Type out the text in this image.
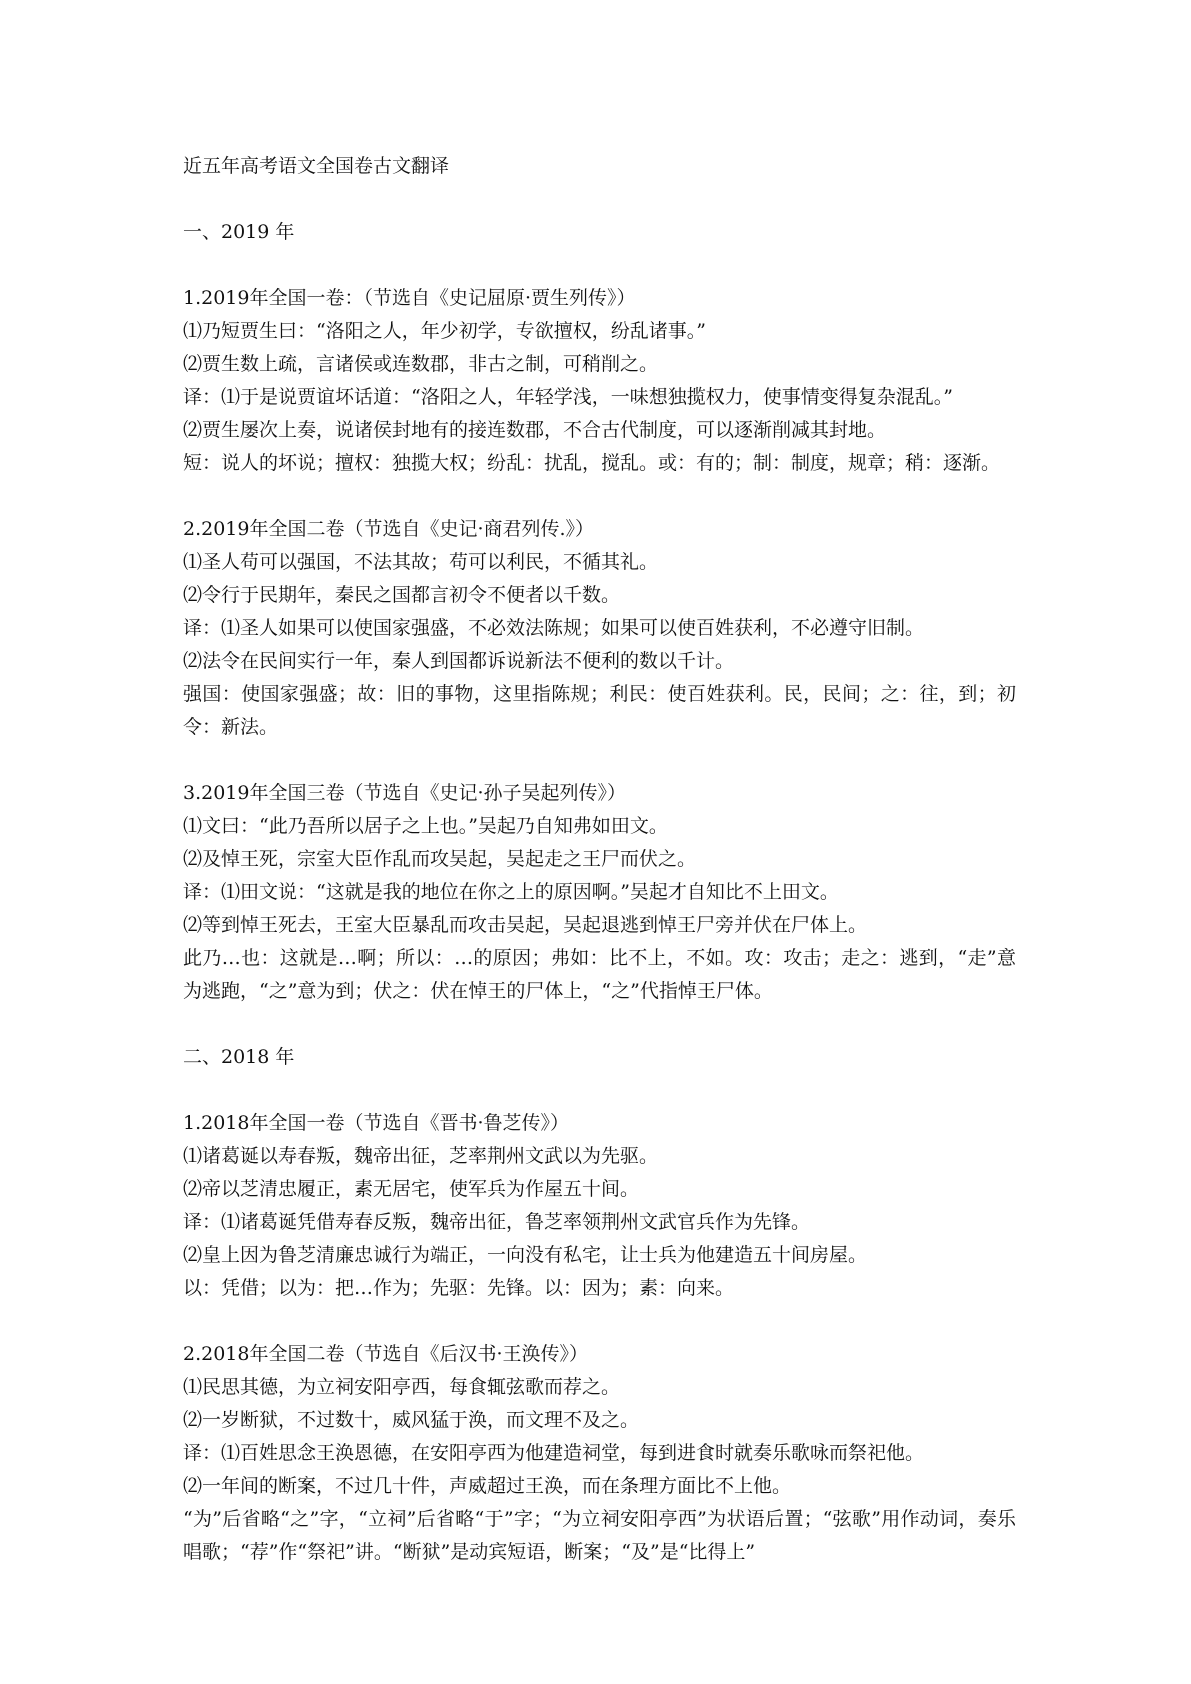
近五年高考语文全国卷古文翻译

一、2019 年

1.2019年全国一卷：（节选自《史记屈原·贾生列传》）

⑴乃短贾生曰：“洛阳之人，年少初学，专欲擅权，纷乱诸事。”

⑵贾生数上疏，言诸侯或连数郡，非古之制，可稍削之。

译：⑴于是说贾谊坏话道：“洛阳之人，年轻学浅，一味想独揽权力，使事情变得复杂混乱。”

⑵贾生屡次上奏，说诸侯封地有的接连数郡，不合古代制度，可以逐渐削减其封地。

短：说人的坏说；擅权：独揽大权；纷乱：扰乱，搅乱。或：有的；制：制度，规章；稍：逐渐。

2.2019年全国二卷（节选自《史记·商君列传.》）

⑴圣人苟可以强国，不法其故；苟可以利民，不循其礼。

⑵令行于民期年，秦民之国都言初令不便者以千数。

译：⑴圣人如果可以使国家强盛，不必效法陈规；如果可以使百姓获利，不必遵守旧制。

⑵法令在民间实行一年，秦人到国都诉说新法不便利的数以千计。

强国：使国家强盛；故：旧的事物，这里指陈规；利民：使百姓获利。民，民间；之：往，到；初令：新法。

3.2019年全国三卷（节选自《史记·孙子吴起列传》）

⑴文曰：“此乃吾所以居子之上也。”吴起乃自知弗如田文。

⑵及悼王死，宗室大臣作乱而攻吴起，吴起走之王尸而伏之。

译：⑴田文说：“这就是我的地位在你之上的原因啊。”吴起才自知比不上田文。

⑵等到悼王死去，王室大臣暴乱而攻击吴起，吴起退逃到悼王尸旁并伏在尸体上。

此乃…也：这就是…啊；所以：…的原因；弗如：比不上，不如。攻：攻击；走之：逃到，“走”意为逃跑，“之”意为到；伏之：伏在悼王的尸体上，“之”代指悼王尸体。

二、2018 年

1.2018年全国一卷（节选自《晋书·鲁芝传》）

⑴诸葛诞以寿春叛，魏帝出征，芝率荆州文武以为先驱。

⑵帝以芝清忠履正，素无居宅，使军兵为作屋五十间。

译：⑴诸葛诞凭借寿春反叛，魏帝出征，鲁芝率领荆州文武官兵作为先锋。

⑵皇上因为鲁芝清廉忠诚行为端正，一向没有私宅，让士兵为他建造五十间房屋。

以：凭借；以为：把…作为；先驱：先锋。以：因为；素：向来。

2.2018年全国二卷（节选自《后汉书·王涣传》）

⑴民思其德，为立祠安阳亭西，每食辄弦歌而荐之。

⑵一岁断狱，不过数十，威风猛于涣，而文理不及之。

译：⑴百姓思念王涣恩德，在安阳亭西为他建造祠堂，每到进食时就奏乐歌咏而祭祀他。

⑵一年间的断案，不过几十件，声威超过王涣，而在条理方面比不上他。

“为”后省略“之”字，“立祠”后省略“于”字；“为立祠安阳亭西”为状语后置；“弦歌”用作动词，奏乐唱歌；“荐”作“祭祀”讲。“断狱”是动宾短语，断案；“及”是“比得上”
